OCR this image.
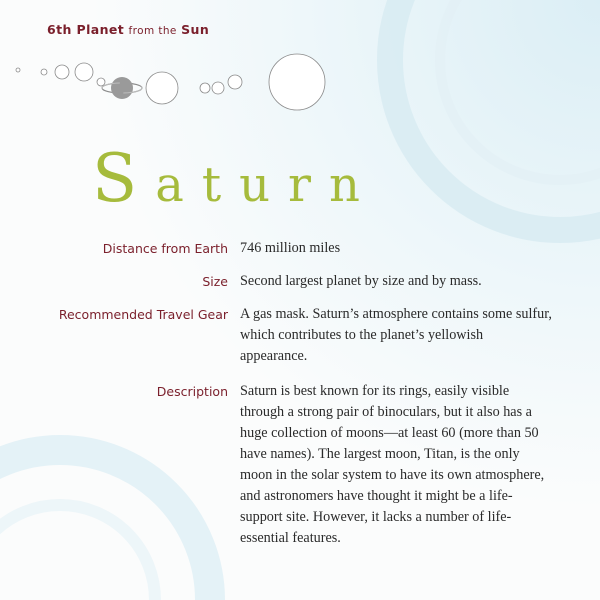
6th Planet from the Sun
Saturn
Distance from Earth 746 million miles
Size Second largest planet by size and by mass.
Recommended Travel Gear A gas mask. Saturn’s atmosphere contains some sulfur, which contributes to the planet’s yellowish appearance.
Description Saturn is best known for its rings, easily visible through a strong pair of binoculars, but it also has a huge collection of moons—at least 60 (more than 50 have names). The largest moon, Titan, is the only moon in the solar system to have its own atmosphere, and astronomers have thought it might be a life-support site. However, it lacks a number of life-essential features.
